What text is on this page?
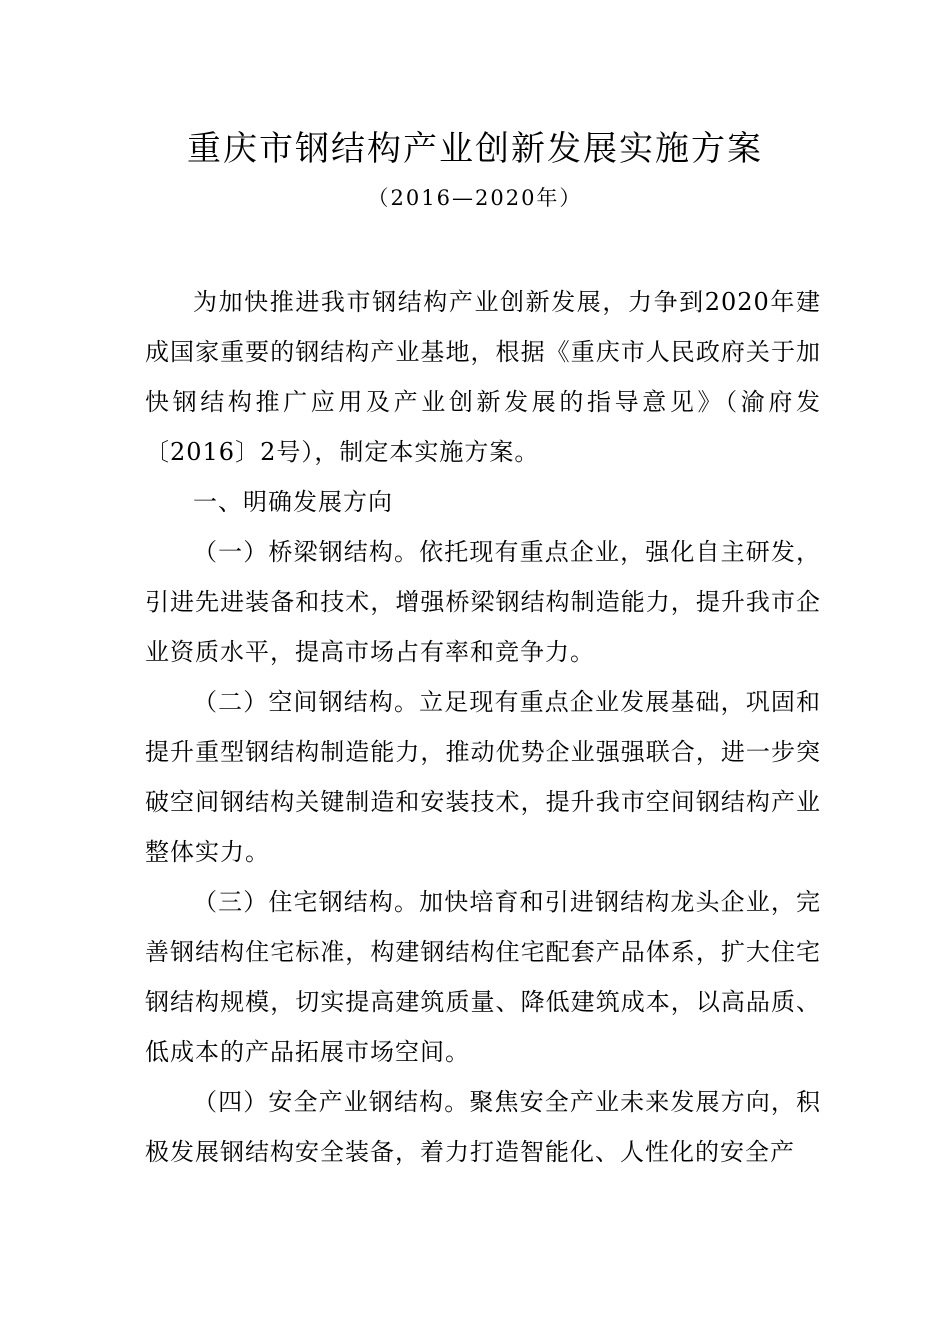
重庆市钢结构产业创新发展实施方案
（2016—2020年）

为加快推进我市钢结构产业创新发展，力争到2020年建成国家重要的钢结构产业基地，根据《重庆市人民政府关于加快钢结构推广应用及产业创新发展的指导意见》（渝府发〔2016〕2号），制定本实施方案。

一、明确发展方向

（一）桥梁钢结构。依托现有重点企业，强化自主研发，引进先进装备和技术，增强桥梁钢结构制造能力，提升我市企业资质水平，提高市场占有率和竞争力。

（二）空间钢结构。立足现有重点企业发展基础，巩固和提升重型钢结构制造能力，推动优势企业强强联合，进一步突破空间钢结构关键制造和安装技术，提升我市空间钢结构产业整体实力。

（三）住宅钢结构。加快培育和引进钢结构龙头企业，完善钢结构住宅标准，构建钢结构住宅配套产品体系，扩大住宅钢结构规模，切实提高建筑质量、降低建筑成本，以高品质、低成本的产品拓展市场空间。

（四）安全产业钢结构。聚焦安全产业未来发展方向，积极发展钢结构安全装备，着力打造智能化、人性化的安全产
